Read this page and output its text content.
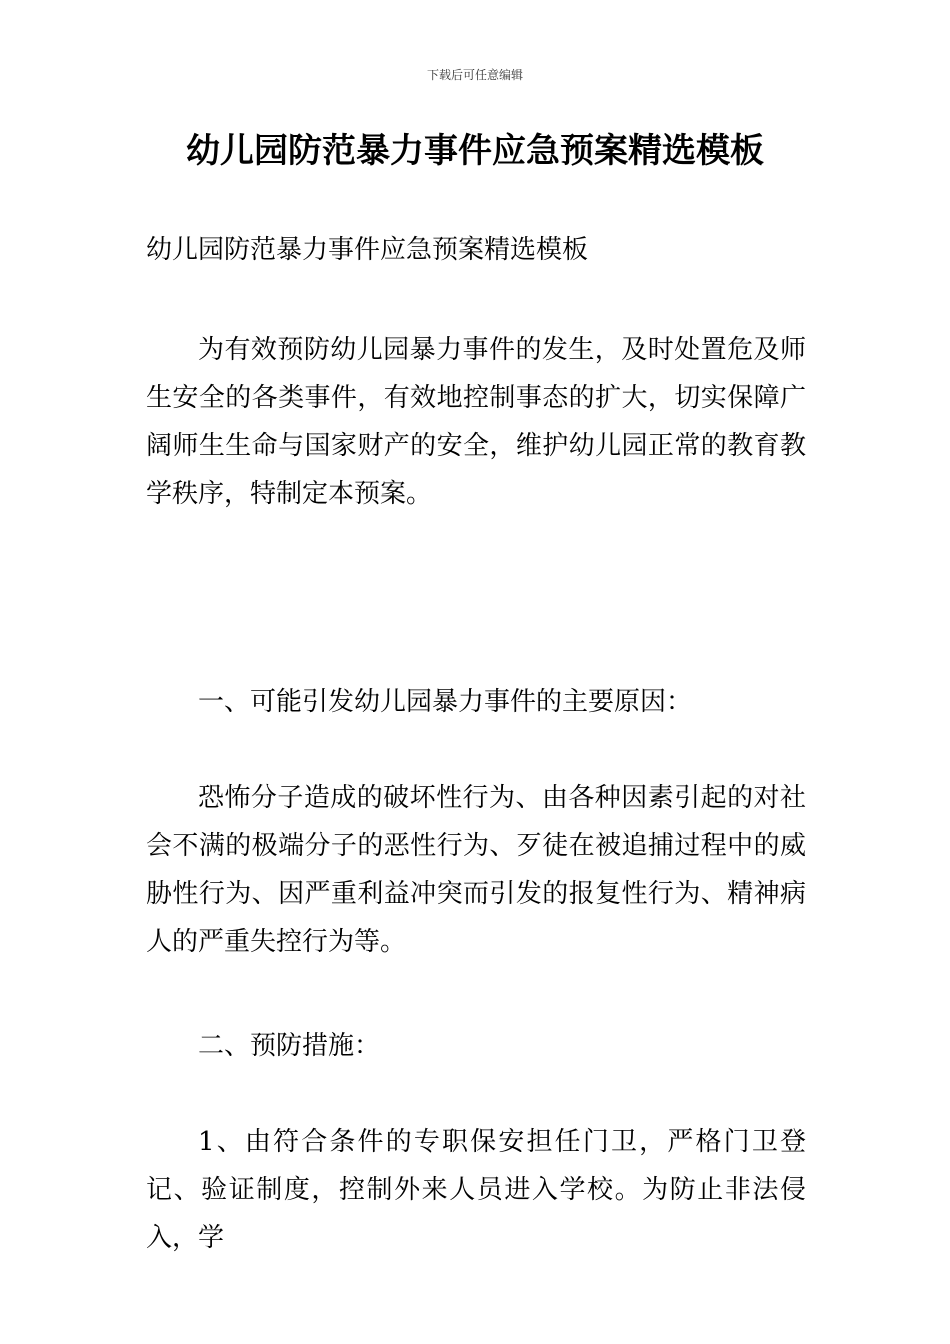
下载后可任意编辑
幼儿园防范暴力事件应急预案精选模板

幼儿园防范暴力事件应急预案精选模板

为有效预防幼儿园暴力事件的发生，及时处置危及师生安全的各类事件，有效地控制事态的扩大，切实保障广阔师生生命与国家财产的安全，维护幼儿园正常的教育教学秩序，特制定本预案。

一、可能引发幼儿园暴力事件的主要原因：

恐怖分子造成的破坏性行为、由各种因素引起的对社会不满的极端分子的恶性行为、歹徒在被追捕过程中的威胁性行为、因严重利益冲突而引发的报复性行为、精神病人的严重失控行为等。

二、预防措施：

1、由符合条件的专职保安担任门卫，严格门卫登记、验证制度，控制外来人员进入学校。为防止非法侵入，学
